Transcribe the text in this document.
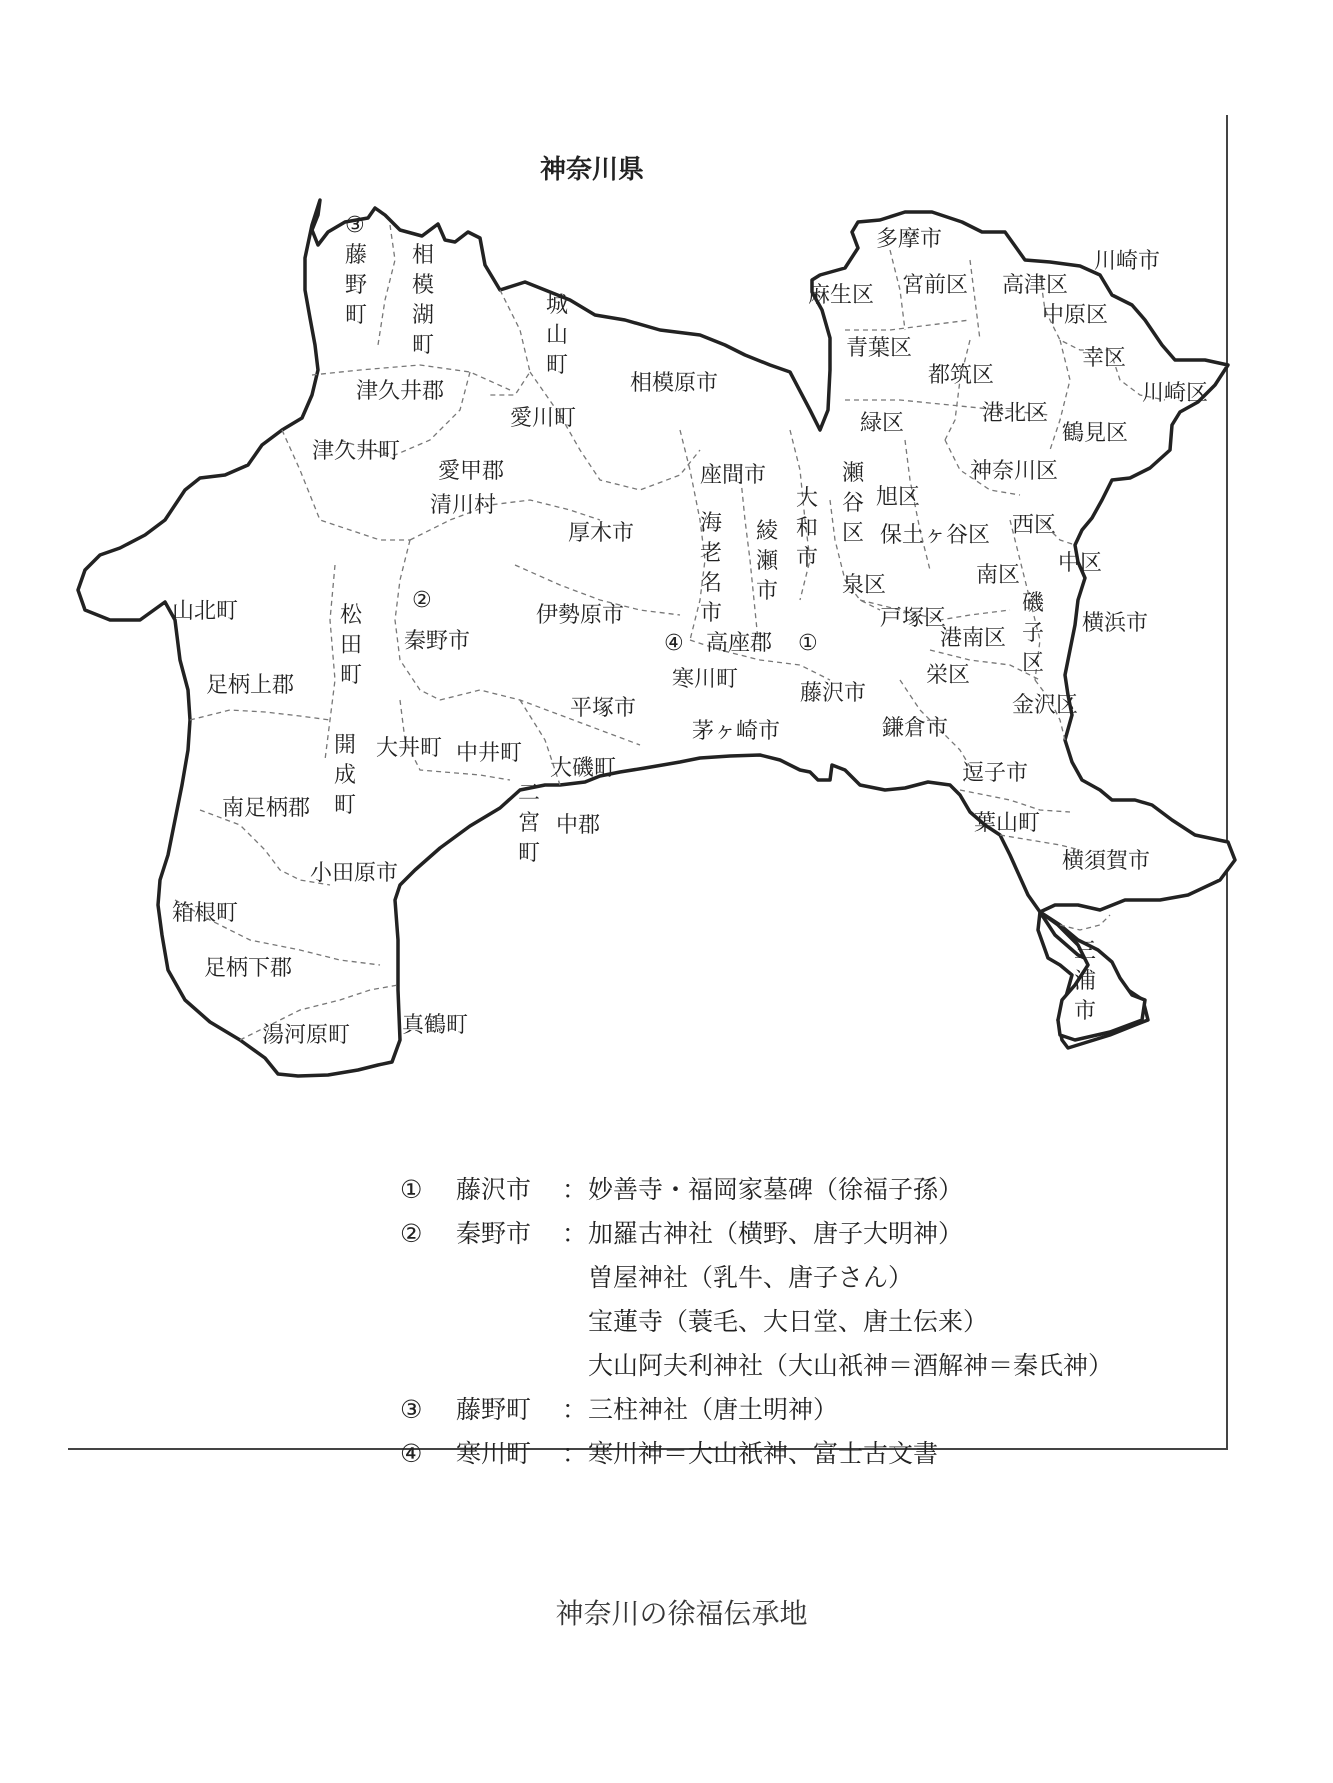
神奈川県
③
藤 野 町
相 模 湖 町
城 山 町
相模原市
津久井郡
愛川町
津久井町
愛甲郡
清川村
厚木市
山北町	②
松 田 町
秦野市
伊勢原市
足柄上郡
開 成 町
大井町 中井町
平塚市
大磯町
二 宮 町
中郡
南足柄郡
小田原市
箱根町
足柄下郡
湯河原町 真鶴町
座間市
海 老 名 市
綾 瀬 市
大 和 市
④ 高座郡 ①
寒川町
茅ヶ崎市
藤沢市
多摩市
川崎市
麻生区 宮前区 高津区
中原区
青葉区
都筑区
幸区
川崎区
緑区	港北区
鶴見区
瀬 谷 区
旭区
神奈川区
保土ヶ谷区 西区
中区
泉区	南区
戸塚区
港南区
磯 子 区
横浜市
栄区
金沢区
鎌倉市
逗子市
葉山町
横須賀市
三 浦 市
①	藤沢市	： 妙善寺・福岡家墓碑（徐福子孫）
②	秦野市	： 加羅古神社（横野、唐子大明神）
曽屋神社（乳牛、唐子さん）
宝蓮寺（蓑毛、大日堂、唐土伝来）
大山阿夫利神社（大山祇神＝酒解神＝秦氏神）
③	藤野町	： 三柱神社（唐土明神）
④	寒川町	： 寒川神＝大山祇神、富士古文書
神奈川の徐福伝承地
